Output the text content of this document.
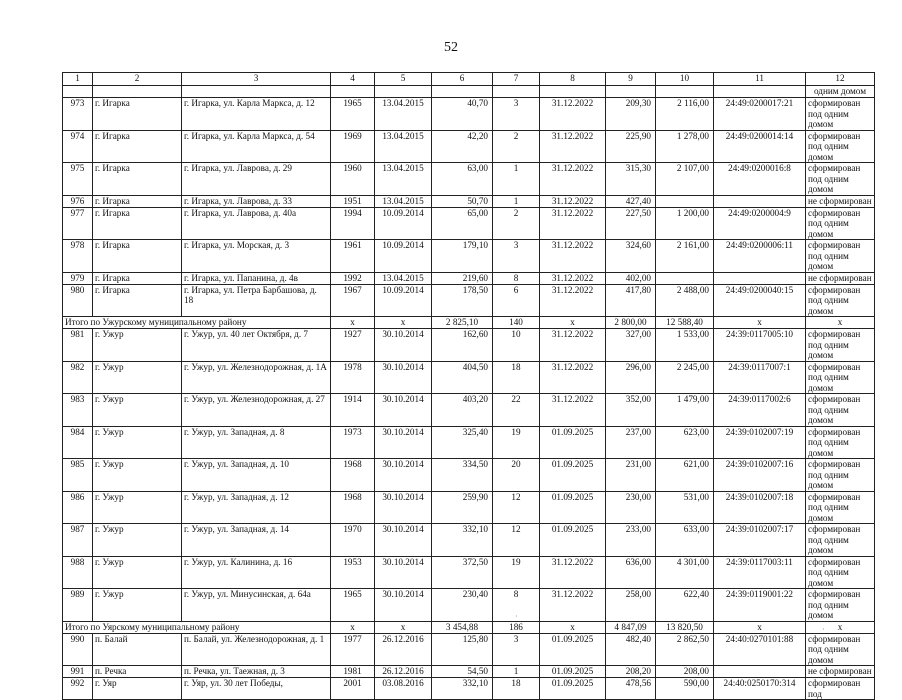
52
1	2	3	4	5	6	7	8	9	10	11	12
											одним домом
973	г. Игарка	г. Игарка, ул. Карла Маркса, д. 12	1965	13.04.2015	40,70	3	31.12.2022	209,30	2 116,00	24:49:0200017:21	сформирован под одним домом
974	г. Игарка	г. Игарка, ул. Карла Маркса, д. 54	1969	13.04.2015	42,20	2	31.12.2022	225,90	1 278,00	24:49:0200014:14	сформирован под одним домом
975	г. Игарка	г. Игарка, ул. Лаврова, д. 29	1960	13.04.2015	63,00	1	31.12.2022	315,30	2 107,00	24:49:0200016:8	сформирован под одним домом
976	г. Игарка	г. Игарка, ул. Лаврова, д. 33	1951	13.04.2015	50,70	1	31.12.2022	427,40			не сформирован
977	г. Игарка	г. Игарка, ул. Лаврова, д. 40а	1994	10.09.2014	65,00	2	31.12.2022	227,50	1 200,00	24:49:0200004:9	сформирован под одним домом
978	г. Игарка	г. Игарка, ул. Морская, д. 3	1961	10.09.2014	179,10	3	31.12.2022	324,60	2 161,00	24:49:0200006:11	сформирован под одним домом
979	г. Игарка	г. Игарка, ул. Папанина, д. 4в	1992	13.04.2015	219,60	8	31.12.2022	402,00			не сформирован
980	г. Игарка	г. Игарка, ул. Петра Барбашова, д. 18	1967	10.09.2014	178,50	6	31.12.2022	417,80	2 488,00	24:49:0200040:15	сформирован под одним домом
Итого по Ужурскому муниципальному району			х	х	2 825,10	140	х	2 800,00	12 588,40	х	х
981	г. Ужур	г. Ужур, ул. 40 лет Октября, д. 7	1927	30.10.2014	162,60	10	31.12.2022	327,00	1 533,00	24:39:0117005:10	сформирован под одним домом
982	г. Ужур	г. Ужур, ул. Железнодорожная, д. 1А	1978	30.10.2014	404,50	18	31.12.2022	296,00	2 245,00	24:39:0117007:1	сформирован под одним домом
983	г. Ужур	г. Ужур, ул. Железнодорожная, д. 27	1914	30.10.2014	403,20	22	31.12.2022	352,00	1 479,00	24:39:0117002:6	сформирован под одним домом
984	г. Ужур	г. Ужур, ул. Западная, д. 8	1973	30.10.2014	325,40	19	01.09.2025	237,00	623,00	24:39:0102007:19	сформирован под одним домом
985	г. Ужур	г. Ужур, ул. Западная, д. 10	1968	30.10.2014	334,50	20	01.09.2025	231,00	621,00	24:39:0102007:16	сформирован под одним домом
986	г. Ужур	г. Ужур, ул. Западная, д. 12	1968	30.10.2014	259,90	12	01.09.2025	230,00	531,00	24:39:0102007:18	сформирован под одним домом
987	г. Ужур	г. Ужур, ул. Западная, д. 14	1970	30.10.2014	332,10	12	01.09.2025	233,00	633,00	24:39:0102007:17	сформирован под одним домом
988	г. Ужур	г. Ужур, ул. Калинина, д. 16	1953	30.10.2014	372,50	19	31.12.2022	636,00	4 301,00	24:39:0117003:11	сформирован под одним домом
989	г. Ужур	г. Ужур, ул. Минусинская, д. 64а	1965	30.10.2014	230,40	8	31.12.2022	258,00	622,40	24:39:0119001:22	сформирован под одним домом
Итого по Уярскому муниципальному району			х	х	3 454,88	186	х	4 847,09	13 820,50	х	х
990	п. Балай	п. Балай, ул. Железнодорожная, д. 1	1977	26.12.2016	125,80	3	01.09.2025	482,40	2 862,50	24:40:0270101:88	сформирован под одним домом
991	п. Речка	п. Речка, ул. Таежная, д. 3	1981	26.12.2016	54,50	1	01.09.2025	208,20	208,00		не сформирован
992	г. Уяр	г. Уяр, ул. 30 лет Победы,	2001	03.08.2016	332,10	18	01.09.2025	478,56	590,00	24:40:0250170:314	сформирован под
·
·
